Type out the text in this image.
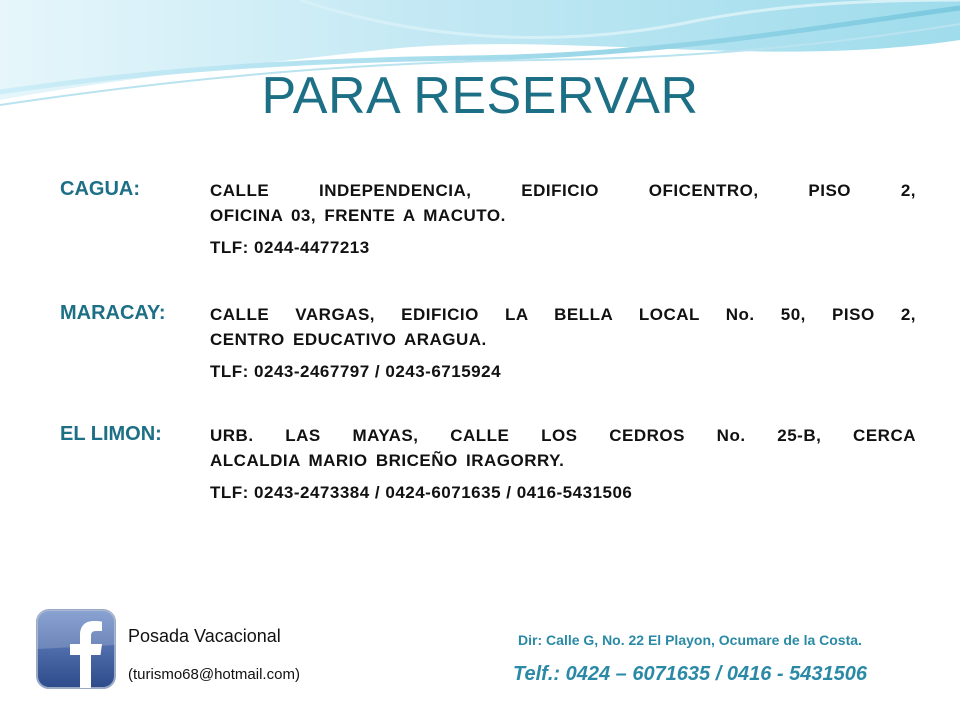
PARA RESERVAR
CAGUA:	CALLE INDEPENDENCIA, EDIFICIO OFICENTRO, PISO 2,
OFICINA 03, FRENTE A MACUTO.
TLF: 0244-4477213
MARACAY:	CALLE VARGAS, EDIFICIO LA BELLA LOCAL No. 50, PISO 2,
CENTRO EDUCATIVO ARAGUA.
TLF: 0243-2467797 / 0243-6715924
EL LIMON:	URB. LAS MAYAS, CALLE LOS CEDROS No. 25-B, CERCA
ALCALDIA MARIO BRICEÑO IRAGORRY.
TLF: 0243-2473384 / 0424-6071635 / 0416-5431506
Posada Vacacional
(turismo68@hotmail.com)
Dir: Calle G, No. 22 El Playon, Ocumare de la Costa.
Telf.: 0424 – 6071635 / 0416 - 5431506
